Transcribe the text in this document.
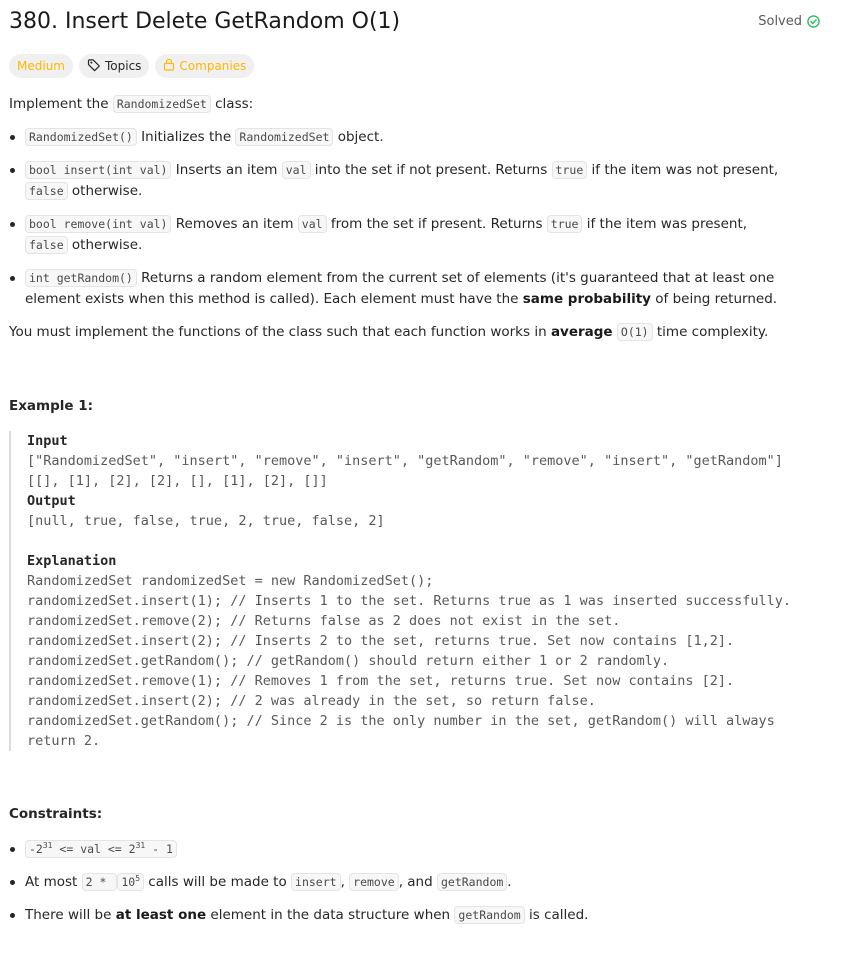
380. Insert Delete GetRandom O(1)	Solved
Medium	Topics	Companies

Implement the RandomizedSet class:

RandomizedSet() Initializes the RandomizedSet object.
bool insert(int val) Inserts an item val into the set if not present. Returns true if the item was not present, false otherwise.
bool remove(int val) Removes an item val from the set if present. Returns true if the item was present, false otherwise.
int getRandom() Returns a random element from the current set of elements (it's guaranteed that at least one element exists when this method is called). Each element must have the same probability of being returned.

You must implement the functions of the class such that each function works in average O(1) time complexity.

Example 1:

Input
["RandomizedSet", "insert", "remove", "insert", "getRandom", "remove", "insert", "getRandom"]
[[], [1], [2], [2], [], [1], [2], []]
Output
[null, true, false, true, 2, true, false, 2]

Explanation
RandomizedSet randomizedSet = new RandomizedSet();
randomizedSet.insert(1); // Inserts 1 to the set. Returns true as 1 was inserted successfully.
randomizedSet.remove(2); // Returns false as 2 does not exist in the set.
randomizedSet.insert(2); // Inserts 2 to the set, returns true. Set now contains [1,2].
randomizedSet.getRandom(); // getRandom() should return either 1 or 2 randomly.
randomizedSet.remove(1); // Removes 1 from the set, returns true. Set now contains [2].
randomizedSet.insert(2); // 2 was already in the set, so return false.
randomizedSet.getRandom(); // Since 2 is the only number in the set, getRandom() will always
return 2.

Constraints:

$-2^{31}$ <= val <= $2^{31} - 1$
At most $2 * 10^5$ calls will be made to insert , remove , and getRandom .
There will be at least one element in the data structure when getRandom is called.
